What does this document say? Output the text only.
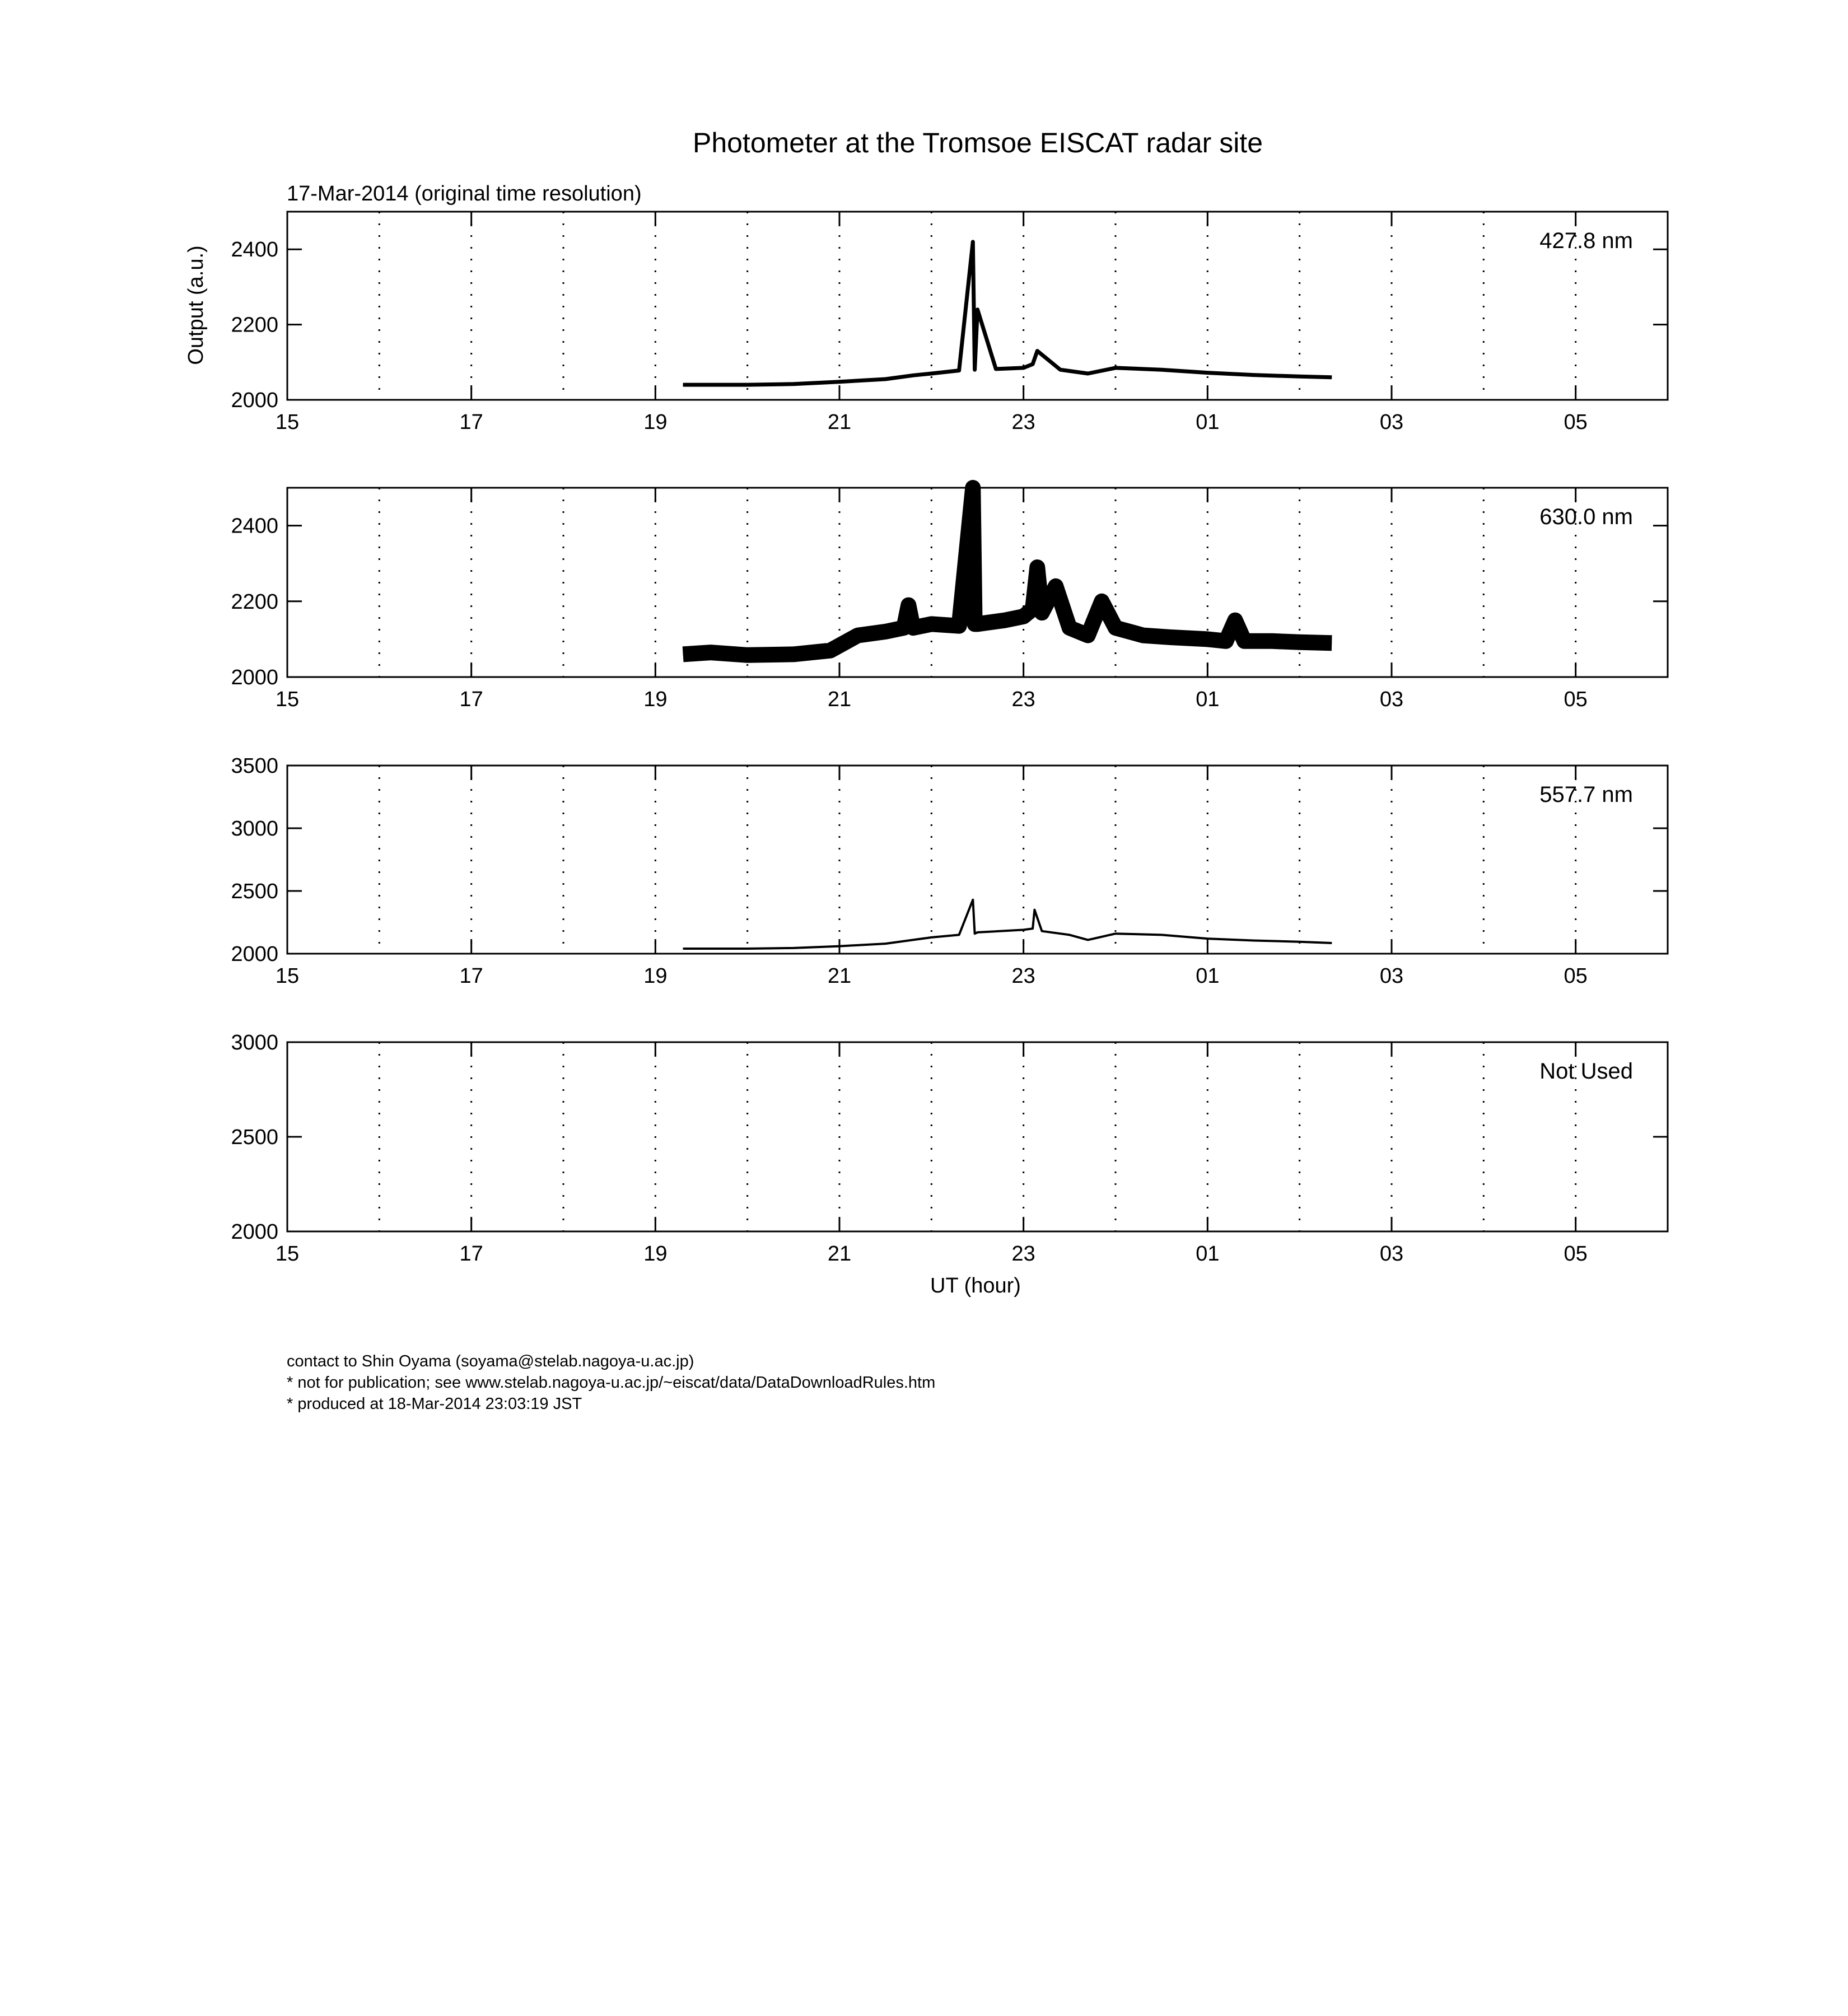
Photometer at the Tromsoe EISCAT radar site
17-Mar-2014 (original time resolution)
Output (a.u.)
UT (hour)
15	17	19	21	23	01	03	05
2000
2200
2400	427.8 nm
15	17	19	21	23	01	03	05
2000
2200
2400	630.0 nm
15	17	19	21	23	01	03	05
2000
2500
3000
3500
557.7 nm
15	17	19	21	23	01	03	05
2000
2500
3000
Not Used
contact to Shin Oyama (soyama@stelab.nagoya-u.ac.jp)
* not for publication; see www.stelab.nagoya-u.ac.jp/~eiscat/data/DataDownloadRules.htm
* produced at 18-Mar-2014 23:03:19 JST
